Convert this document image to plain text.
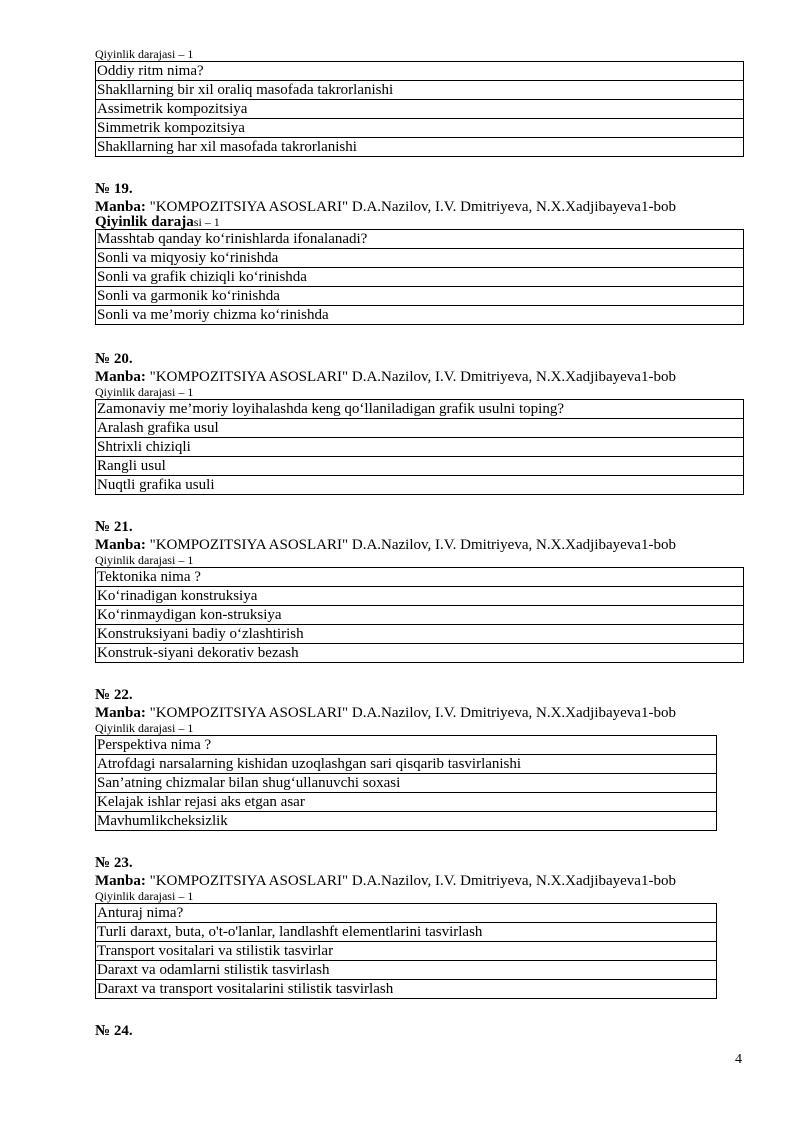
Qiyinlik darajasi – 1
Oddiy ritm nima?
Shakllarning bir xil oraliq masofada takrorlanishi
Assimetrik kompozitsiya
Simmetrik kompozitsiya
Shakllarning har xil masofada takrorlanishi
№ 19.
Manba: "KOMPOZITSIYA ASOSLARI" D.A.Nazilov, I.V. Dmitriyeva, N.X.Xadjibayeva1-bob
Qiyinlik darajasi – 1
Masshtab qanday ko‘rinishlarda ifonalanadi?
Sonli va miqyosiy ko‘rinishda
Sonli va grafik chiziqli ko‘rinishda
Sonli va garmonik ko‘rinishda
Sonli va me’moriy chizma ko‘rinishda
№ 20.
Manba: "KOMPOZITSIYA ASOSLARI" D.A.Nazilov, I.V. Dmitriyeva, N.X.Xadjibayeva1-bob
Qiyinlik darajasi – 1
Zamonaviy me’moriy loyihalashda keng qo‘llaniladigan grafik usulni toping?
Aralash grafika usul
Shtrixli chiziqli
Rangli usul
Nuqtli grafika usuli
№ 21.
Manba: "KOMPOZITSIYA ASOSLARI" D.A.Nazilov, I.V. Dmitriyeva, N.X.Xadjibayeva1-bob
Qiyinlik darajasi – 1
Tektonika nima ?
Ko‘rinadigan konstruksiya
Ko‘rinmaydigan kon-struksiya
Konstruksiyani badiy o‘zlashtirish
Konstruk-siyani dekorativ bezash
№ 22.
Manba: "KOMPOZITSIYA ASOSLARI" D.A.Nazilov, I.V. Dmitriyeva, N.X.Xadjibayeva1-bob
Qiyinlik darajasi – 1
Perspektiva nima ?
Atrofdagi narsalarning kishidan uzoqlashgan sari qisqarib tasvirlanishi
San’atning chizmalar bilan shug‘ullanuvchi soxasi
Kelajak ishlar rejasi aks etgan asar
Mavhumlikcheksizlik
№ 23.
Manba: "KOMPOZITSIYA ASOSLARI" D.A.Nazilov, I.V. Dmitriyeva, N.X.Xadjibayeva1-bob
Qiyinlik darajasi – 1
Anturaj nima?
Turli daraxt, buta, o't-o'lanlar, landlashft elementlarini tasvirlash
Transport vositalari va stilistik tasvirlar
Daraxt va odamlarni stilistik tasvirlash
Daraxt va transport vositalarini stilistik tasvirlash
№ 24.
4
